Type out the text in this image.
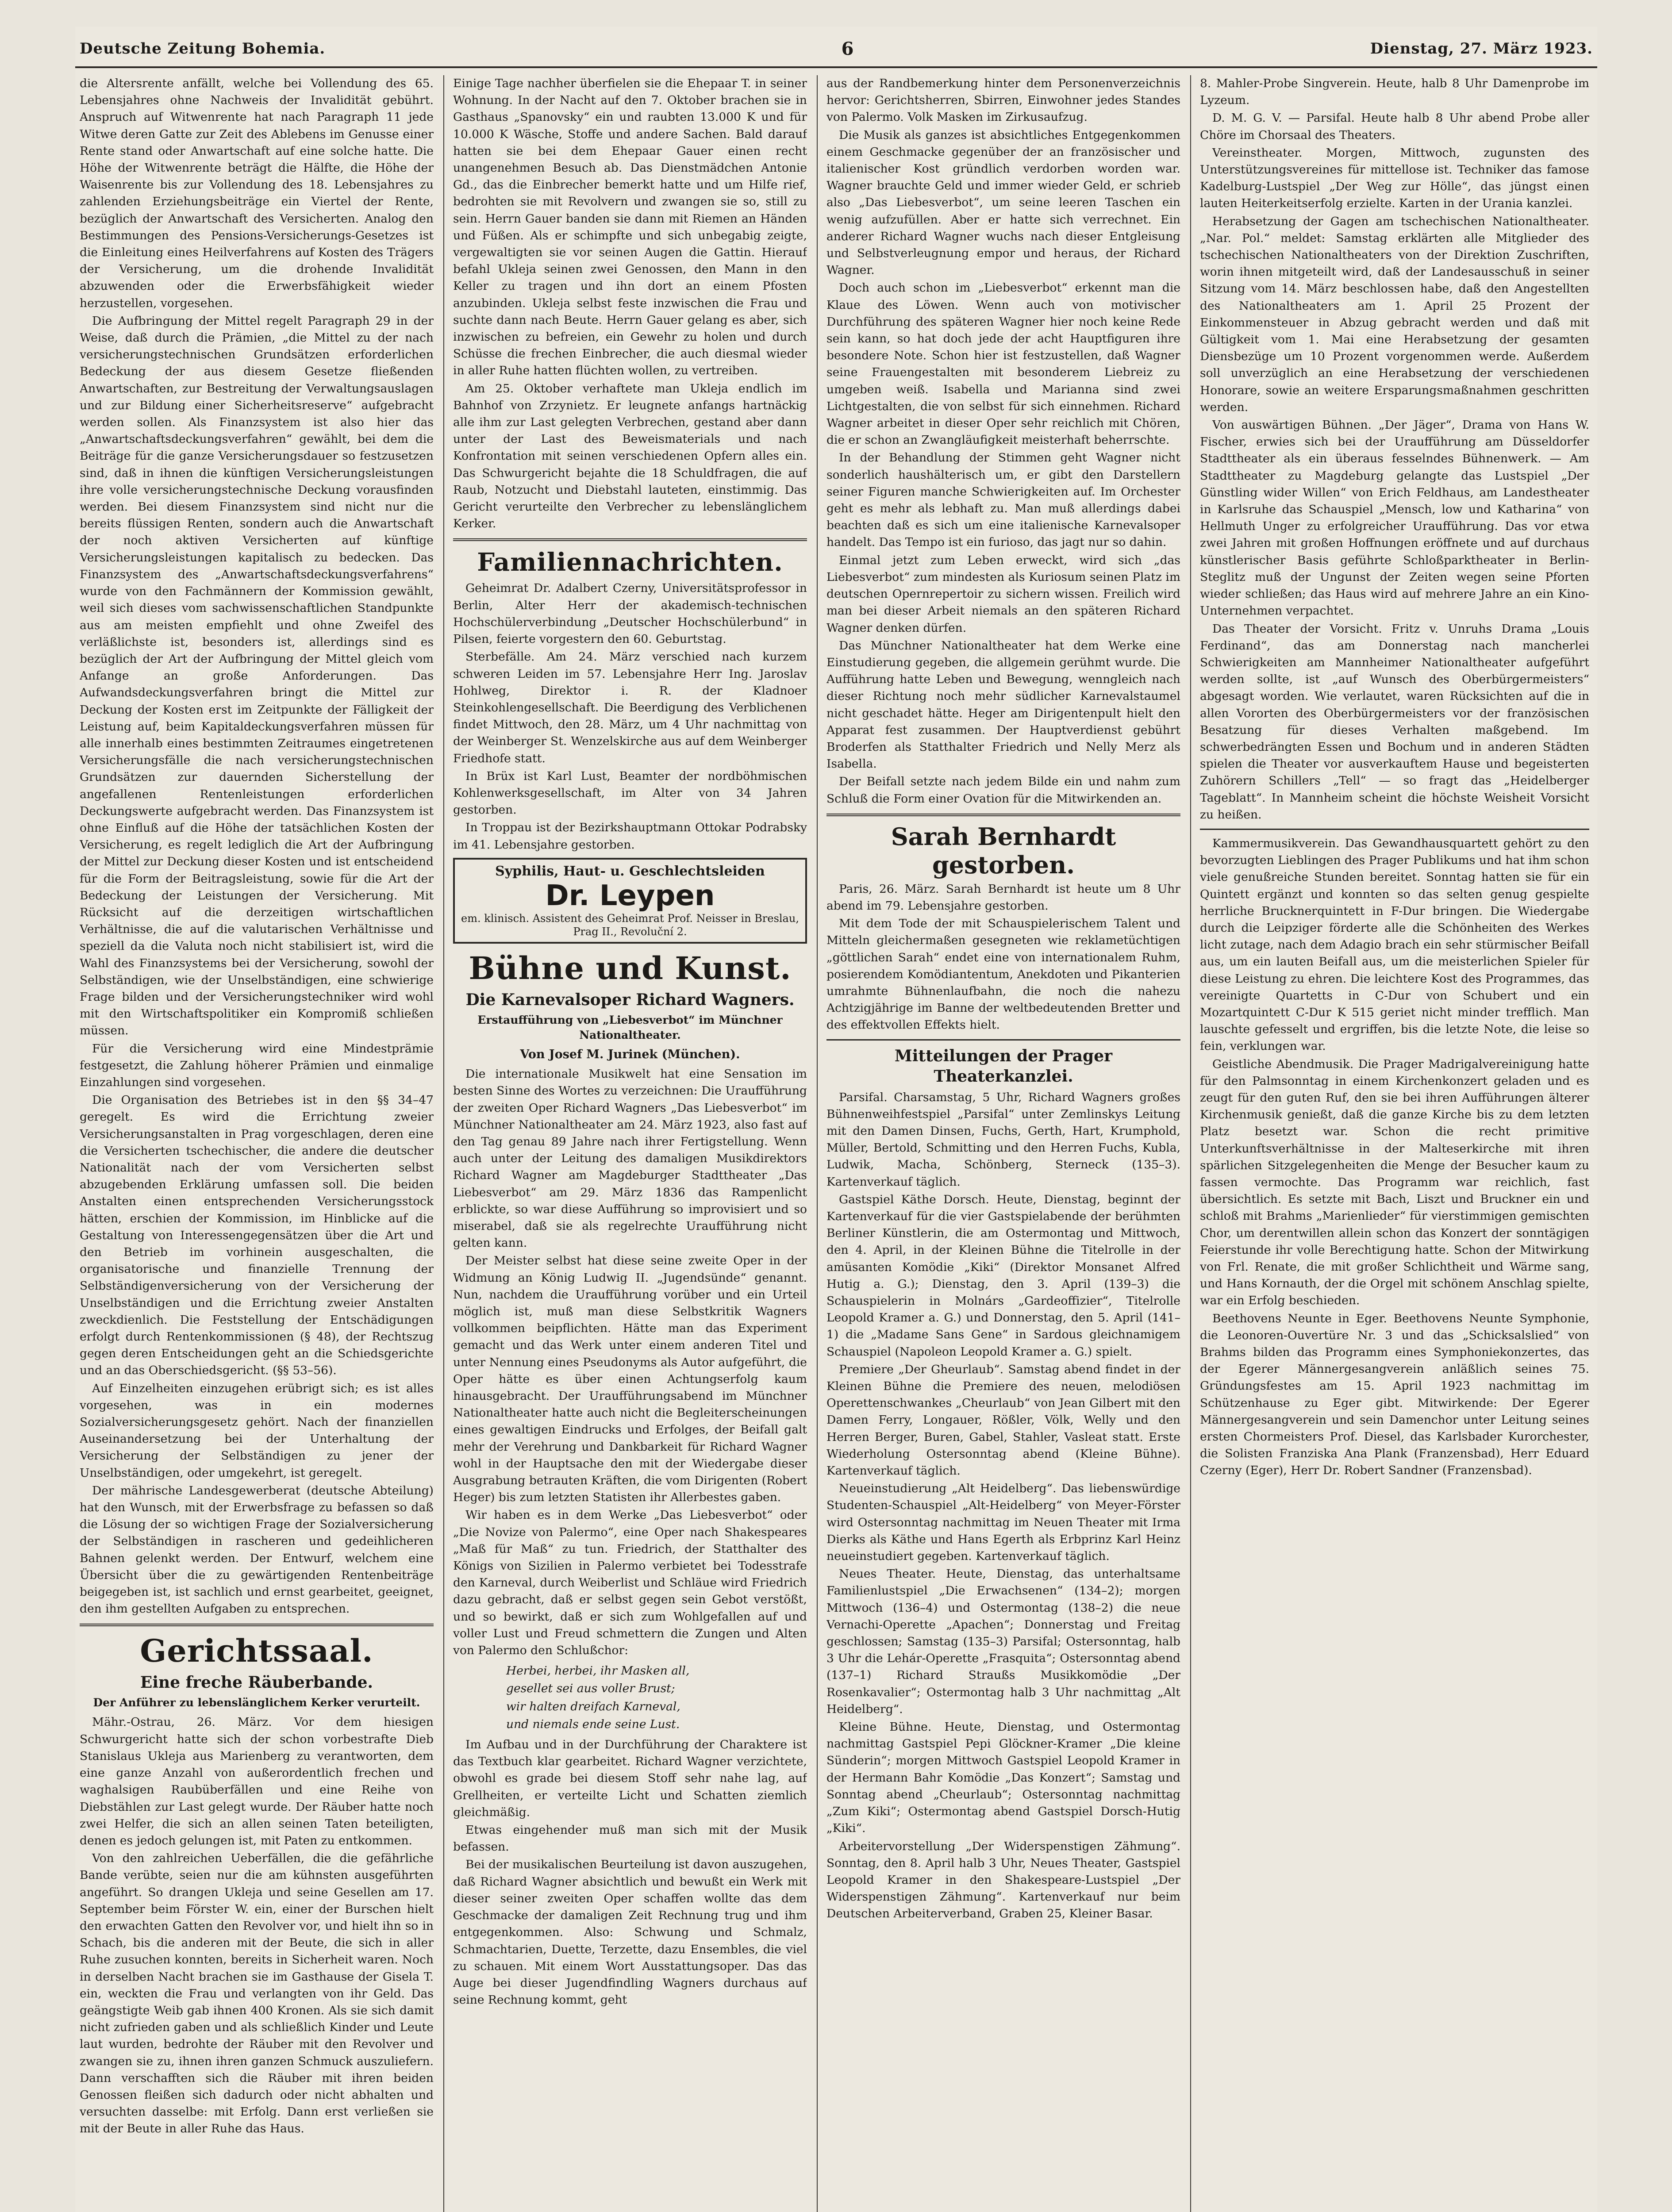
Deutsche Zeitung Bohemia.	6	Dienstag, 27. März 1923.

die Altersrente anfällt, welche bei Vollendung des 65. Lebensjahres ohne Nachweis der Invalidität gebührt. Anspruch auf Witwenrente hat nach Paragraph 11 jede Witwe deren Gatte zur Zeit des Ablebens im Genusse einer Rente stand oder Anwartschaft auf eine solche hatte. Die Höhe der Witwenrente beträgt die Hälfte, die Höhe der Waisenrente bis zur Vollendung des 18. Lebensjahres zu zahlenden Erziehungsbeiträge ein Viertel der Rente, bezüglich der Anwartschaft des Versicherten. Analog den Bestimmungen des Pensions-Versicherungs-Gesetzes ist die Einleitung eines Heilverfahrens auf Kosten des Trägers der Versicherung, um die drohende Invalidität abzuwenden oder die Erwerbsfähigkeit wieder herzustellen, vorgesehen.

Die Aufbringung der Mittel regelt Paragraph 29 in der Weise, daß durch die Prämien, „die Mittel zu der nach versicherungstechnischen Grundsätzen erforderlichen Bedeckung der aus diesem Gesetze fließenden Anwartschaften, zur Bestreitung der Verwaltungsauslagen und zur Bildung einer Sicherheitsreserve“ aufgebracht werden sollen. Als Finanzsystem ist also hier das „Anwartschaftsdeckungsverfahren“ gewählt, bei dem die Beiträge für die ganze Versicherungsdauer so festzusetzen sind, daß in ihnen die künftigen Versicherungsleistungen ihre volle versicherungstechnische Deckung vorausfinden werden. Bei diesem Finanzsystem sind nicht nur die bereits flüssigen Renten, sondern auch die Anwartschaft der noch aktiven Versicherten auf künftige Versicherungsleistungen kapitalisch zu bedecken. Das Finanzsystem des „Anwartschaftsdeckungsverfahrens“ wurde von den Fachmännern der Kommission gewählt, weil sich dieses vom sachwissenschaftlichen Standpunkte aus am meisten empfiehlt und ohne Zweifel des verläßlichste ist, besonders ist, allerdings sind es bezüglich der Art der Aufbringung der Mittel gleich vom Anfange an große Anforderungen. Das Aufwandsdeckungsverfahren bringt die Mittel zur Deckung der Kosten erst im Zeitpunkte der Fälligkeit der Leistung auf, beim Kapitaldeckungsverfahren müssen für alle innerhalb eines bestimmten Zeitraumes eingetretenen Versicherungsfälle die nach versicherungstechnischen Grundsätzen zur dauernden Sicherstellung der angefallenen Rentenleistungen erforderlichen Deckungswerte aufgebracht werden. Das Finanzsystem ist ohne Einfluß auf die Höhe der tatsächlichen Kosten der Versicherung, es regelt lediglich die Art der Aufbringung der Mittel zur Deckung dieser Kosten und ist entscheidend für die Form der Beitragsleistung, sowie für die Art der Bedeckung der Leistungen der Versicherung. Mit Rücksicht auf die derzeitigen wirtschaftlichen Verhältnisse, die auf die valutarischen Verhältnisse und speziell da die Valuta noch nicht stabilisiert ist, wird die Wahl des Finanzsystems bei der Versicherung, sowohl der Selbständigen, wie der Unselbständigen, eine schwierige Frage bilden und der Versicherungstechniker wird wohl mit den Wirtschaftspolitiker ein Kompromiß schließen müssen.

Für die Versicherung wird eine Mindestprämie festgesetzt, die Zahlung höherer Prämien und einmalige Einzahlungen sind vorgesehen.

Die Organisation des Betriebes ist in den §§ 34–47 geregelt. Es wird die Errichtung zweier Versicherungsanstalten in Prag vorgeschlagen, deren eine die Versicherten tschechischer, die andere die deutscher Nationalität nach der vom Versicherten selbst abzugebenden Erklärung umfassen soll. Die beiden Anstalten einen entsprechenden Versicherungsstock hätten, erschien der Kommission, im Hinblicke auf die Gestaltung von Interessengegensätzen über die Art und den Betrieb im vorhinein ausgeschalten, die organisatorische und finanzielle Trennung der Selbständigenversicherung von der Versicherung der Unselbständigen und die Errichtung zweier Anstalten zweckdienlich. Die Feststellung der Entschädigungen erfolgt durch Rentenkommissionen (§ 48), der Rechtszug gegen deren Entscheidungen geht an die Schiedsgerichte und an das Oberschiedsgericht. (§§ 53–56).

Auf Einzelheiten einzugehen erübrigt sich; es ist alles vorgesehen, was in ein modernes Sozialversicherungsgesetz gehört. Nach der finanziellen Auseinandersetzung bei der Unterhaltung der Versicherung der Selbständigen zu jener der Unselbständigen, oder umgekehrt, ist geregelt.

Der mährische Landesgewerberat (deutsche Abteilung) hat den Wunsch, mit der Erwerbsfrage zu befassen so daß die Lösung der so wichtigen Frage der Sozialversicherung der Selbständigen in rascheren und gedeihlicheren Bahnen gelenkt werden. Der Entwurf, welchem eine Übersicht über die zu gewärtigenden Rentenbeiträge beigegeben ist, ist sachlich und ernst gearbeitet, geeignet, den ihm gestellten Aufgaben zu entsprechen.

Gerichtssaal.
Eine freche Räuberbande.
Der Anführer zu lebenslänglichem Kerker verurteilt.

Mähr.-Ostrau, 26. März. Vor dem hiesigen Schwurgericht hatte sich der schon vorbestrafte Dieb Stanislaus Ukleja aus Marienberg zu verantworten, dem eine ganze Anzahl von außerordentlich frechen und waghalsigen Raubüberfällen und eine Reihe von Diebstählen zur Last gelegt wurde. Der Räuber hatte noch zwei Helfer, die sich an allen seinen Taten beteiligten, denen es jedoch gelungen ist, mit Paten zu entkommen.

Von den zahlreichen Ueberfällen, die die gefährliche Bande verübte, seien nur die am kühnsten ausgeführten angeführt. So drangen Ukleja und seine Gesellen am 17. September beim Förster W. ein, einer der Burschen hielt den erwachten Gatten den Revolver vor, und hielt ihn so in Schach, bis die anderen mit der Beute, die sich in aller Ruhe zusuchen konnten, bereits in Sicherheit waren. Noch in derselben Nacht brachen sie im Gasthause der Gisela T. ein, weckten die Frau und verlangten von ihr Geld. Das geängstigte Weib gab ihnen 400 Kronen. Als sie sich damit nicht zufrieden gaben und als schließlich Kinder und Leute laut wurden, bedrohte der Räuber mit den Revolver und zwangen sie zu, ihnen ihren ganzen Schmuck auszuliefern. Dann verschafften sich die Räuber mit ihren beiden Genossen fleißen sich dadurch oder nicht abhalten und versuchten dasselbe: mit Erfolg. Dann erst verließen sie mit der Beute in aller Ruhe das Haus.

Einige Tage nachher überfielen sie die Ehepaar T. in seiner Wohnung. In der Nacht auf den 7. Oktober brachen sie in Gasthaus „Spanovsky“ ein und raubten 13.000 K und für 10.000 K Wäsche, Stoffe und andere Sachen. Bald darauf hatten sie bei dem Ehepaar Gauer einen recht unangenehmen Besuch ab. Das Dienstmädchen Antonie Gd., das die Einbrecher bemerkt hatte und um Hilfe rief, bedrohten sie mit Revolvern und zwangen sie so, still zu sein. Herrn Gauer banden sie dann mit Riemen an Händen und Füßen. Als er schimpfte und sich unbegabig zeigte, vergewaltigten sie vor seinen Augen die Gattin. Hierauf befahl Ukleja seinen zwei Genossen, den Mann in den Keller zu tragen und ihn dort an einem Pfosten anzubinden. Ukleja selbst feste inzwischen die Frau und suchte dann nach Beute. Herrn Gauer gelang es aber, sich inzwischen zu befreien, ein Gewehr zu holen und durch Schüsse die frechen Einbrecher, die auch diesmal wieder in aller Ruhe hatten flüchten wollen, zu vertreiben.

Am 25. Oktober verhaftete man Ukleja endlich im Bahnhof von Zrzynietz. Er leugnete anfangs hartnäckig alle ihm zur Last gelegten Verbrechen, gestand aber dann unter der Last des Beweismaterials und nach Konfrontation mit seinen verschiedenen Opfern alles ein. Das Schwurgericht bejahte die 18 Schuldfragen, die auf Raub, Notzucht und Diebstahl lauteten, einstimmig. Das Gericht verurteilte den Verbrecher zu lebenslänglichem Kerker.

Familiennachrichten.

Geheimrat Dr. Adalbert Czerny, Universitätsprofessor in Berlin, Alter Herr der akademisch-technischen Hochschülerverbindung „Deutscher Hochschülerbund“ in Pilsen, feierte vorgestern den 60. Geburtstag.

Sterbefälle. Am 24. März verschied nach kurzem schweren Leiden im 57. Lebensjahre Herr Ing. Jaroslav Hohlweg, Direktor i. R. der Kladnoer Steinkohlengesellschaft. Die Beerdigung des Verblichenen findet Mittwoch, den 28. März, um 4 Uhr nachmittag von der Weinberger St. Wenzelskirche aus auf dem Weinberger Friedhofe statt.

In Brüx ist Karl Lust, Beamter der nordböhmischen Kohlenwerksgesellschaft, im Alter von 34 Jahren gestorben.

In Troppau ist der Bezirkshauptmann Ottokar Podrabsky im 41. Lebensjahre gestorben.

Syphilis, Haut- u. Geschlechtsleiden
Dr. Leypen
em. klinisch. Assistent des Geheimrat Prof. Neisser in Breslau, Prag II., Revoluční 2.
Bühne und Kunst.
Die Karnevalsoper Richard Wagners.
Erstaufführung von „Liebesverbot“ im Münchner Nationaltheater.
Von Josef M. Jurinek (München).

Die internationale Musikwelt hat eine Sensation im besten Sinne des Wortes zu verzeichnen: Die Uraufführung der zweiten Oper Richard Wagners „Das Liebesverbot“ im Münchner Nationaltheater am 24. März 1923, also fast auf den Tag genau 89 Jahre nach ihrer Fertigstellung. Wenn auch unter der Leitung des damaligen Musikdirektors Richard Wagner am Magdeburger Stadttheater „Das Liebesverbot“ am 29. März 1836 das Rampenlicht erblickte, so war diese Aufführung so improvisiert und so miserabel, daß sie als regelrechte Uraufführung nicht gelten kann.

Der Meister selbst hat diese seine zweite Oper in der Widmung an König Ludwig II. „Jugendsünde“ genannt. Nun, nachdem die Uraufführung vorüber und ein Urteil möglich ist, muß man diese Selbstkritik Wagners vollkommen beipflichten. Hätte man das Experiment gemacht und das Werk unter einem anderen Titel und unter Nennung eines Pseudonyms als Autor aufgeführt, die Oper hätte es über einen Achtungserfolg kaum hinausgebracht. Der Uraufführungsabend im Münchner Nationaltheater hatte auch nicht die Begleiterscheinungen eines gewaltigen Eindrucks und Erfolges, der Beifall galt mehr der Verehrung und Dankbarkeit für Richard Wagner wohl in der Hauptsache den mit der Wiedergabe dieser Ausgrabung betrauten Kräften, die vom Dirigenten (Robert Heger) bis zum letzten Statisten ihr Allerbestes gaben.

Wir haben es in dem Werke „Das Liebesverbot“ oder „Die Novize von Palermo“, eine Oper nach Shakespeares „Maß für Maß“ zu tun. Friedrich, der Statthalter des Königs von Sizilien in Palermo verbietet bei Todesstrafe den Karneval, durch Weiberlist und Schläue wird Friedrich dazu gebracht, daß er selbst gegen sein Gebot verstößt, und so bewirkt, daß er sich zum Wohlgefallen auf und voller Lust und Freud schmettern die Zungen und Alten von Palermo den Schlußchor:

Herbei, herbei, ihr Masken all,

gesellet sei aus voller Brust;

wir halten dreifach Karneval,

und niemals ende seine Lust.

Im Aufbau und in der Durchführung der Charaktere ist das Textbuch klar gearbeitet. Richard Wagner verzichtete, obwohl es grade bei diesem Stoff sehr nahe lag, auf Grellheiten, er verteilte Licht und Schatten ziemlich gleichmäßig.

Etwas eingehender muß man sich mit der Musik befassen.

Bei der musikalischen Beurteilung ist davon auszugehen, daß Richard Wagner absichtlich und bewußt ein Werk mit dieser seiner zweiten Oper schaffen wollte das dem Geschmacke der damaligen Zeit Rechnung trug und ihm entgegenkommen. Also: Schwung und Schmalz, Schmachtarien, Duette, Terzette, dazu Ensembles, die viel zu schauen. Mit einem Wort Ausstattungsoper. Das das Auge bei dieser Jugendfindling Wagners durchaus auf seine Rechnung kommt, geht

aus der Randbemerkung hinter dem Personenverzeichnis hervor: Gerichtsherren, Sbirren, Einwohner jedes Standes von Palermo. Volk Masken im Zirkusaufzug.

Die Musik als ganzes ist absichtliches Entgegenkommen einem Geschmacke gegenüber der an französischer und italienischer Kost gründlich verdorben worden war. Wagner brauchte Geld und immer wieder Geld, er schrieb also „Das Liebesverbot“, um seine leeren Taschen ein wenig aufzufüllen. Aber er hatte sich verrechnet. Ein anderer Richard Wagner wuchs nach dieser Entgleisung und Selbstverleugnung empor und heraus, der Richard Wagner.

Doch auch schon im „Liebesverbot“ erkennt man die Klaue des Löwen. Wenn auch von motivischer Durchführung des späteren Wagner hier noch keine Rede sein kann, so hat doch jede der acht Hauptfiguren ihre besondere Note. Schon hier ist festzustellen, daß Wagner seine Frauengestalten mit besonderem Liebreiz zu umgeben weiß. Isabella und Marianna sind zwei Lichtgestalten, die von selbst für sich einnehmen. Richard Wagner arbeitet in dieser Oper sehr reichlich mit Chören, die er schon an Zwangläufigkeit meisterhaft beherrschte.

In der Behandlung der Stimmen geht Wagner nicht sonderlich haushälterisch um, er gibt den Darstellern seiner Figuren manche Schwierigkeiten auf. Im Orchester geht es mehr als lebhaft zu. Man muß allerdings dabei beachten daß es sich um eine italienische Karnevalsoper handelt. Das Tempo ist ein furioso, das jagt nur so dahin.

Einmal jetzt zum Leben erweckt, wird sich „das Liebesverbot“ zum mindesten als Kuriosum seinen Platz im deutschen Opernrepertoir zu sichern wissen. Freilich wird man bei dieser Arbeit niemals an den späteren Richard Wagner denken dürfen.

Das Münchner Nationaltheater hat dem Werke eine Einstudierung gegeben, die allgemein gerühmt wurde. Die Aufführung hatte Leben und Bewegung, wenngleich nach dieser Richtung noch mehr südlicher Karnevalstaumel nicht geschadet hätte. Heger am Dirigentenpult hielt den Apparat fest zusammen. Der Hauptverdienst gebührt Broderfen als Statthalter Friedrich und Nelly Merz als Isabella.

Der Beifall setzte nach jedem Bilde ein und nahm zum Schluß die Form einer Ovation für die Mitwirkenden an.

Sarah Bernhardt gestorben.

Paris, 26. März. Sarah Bernhardt ist heute um 8 Uhr abend im 79. Lebensjahre gestorben.

Mit dem Tode der mit Schauspielerischem Talent und Mitteln gleichermaßen gesegneten wie reklametüchtigen „göttlichen Sarah“ endet eine von internationalem Ruhm, posierendem Komödiantentum, Anekdoten und Pikanterien umrahmte Bühnenlaufbahn, die noch die nahezu Achtzigjährige im Banne der weltbedeutenden Bretter und des effektvollen Effekts hielt.

Mitteilungen der Prager Theaterkanzlei.

Parsifal. Charsamstag, 5 Uhr, Richard Wagners großes Bühnenweihfestspiel „Parsifal“ unter Zemlinskys Leitung mit den Damen Dinsen, Fuchs, Gerth, Hart, Krumphold, Müller, Bertold, Schmitting und den Herren Fuchs, Kubla, Ludwik, Macha, Schönberg, Sterneck (135–3). Kartenverkauf täglich.

Gastspiel Käthe Dorsch. Heute, Dienstag, beginnt der Kartenverkauf für die vier Gastspielabende der berühmten Berliner Künstlerin, die am Ostermontag und Mittwoch, den 4. April, in der Kleinen Bühne die Titelrolle in der amüsanten Komödie „Kiki“ (Direktor Monsanet Alfred Hutig a. G.); Dienstag, den 3. April (139–3) die Schauspielerin in Molnárs „Gardeoffizier“, Titelrolle Leopold Kramer a. G.) und Donnerstag, den 5. April (141–1) die „Madame Sans Gene“ in Sardous gleichnamigem Schauspiel (Napoleon Leopold Kramer a. G.) spielt.

Premiere „Der Gheurlaub“. Samstag abend findet in der Kleinen Bühne die Premiere des neuen, melodiösen Operettenschwankes „Cheurlaub“ von Jean Gilbert mit den Damen Ferry, Longauer, Rößler, Völk, Welly und den Herren Berger, Buren, Gabel, Stahler, Vasleat statt. Erste Wiederholung Ostersonntag abend (Kleine Bühne). Kartenverkauf täglich.

Neueinstudierung „Alt Heidelberg“. Das liebenswürdige Studenten-Schauspiel „Alt-Heidelberg“ von Meyer-Förster wird Ostersonntag nachmittag im Neuen Theater mit Irma Dierks als Käthe und Hans Egerth als Erbprinz Karl Heinz neueinstudiert gegeben. Kartenverkauf täglich.

Neues Theater. Heute, Dienstag, das unterhaltsame Familienlustspiel „Die Erwachsenen“ (134–2); morgen Mittwoch (136–4) und Ostermontag (138–2) die neue Vernachi-Operette „Apachen“; Donnerstag und Freitag geschlossen; Samstag (135–3) Parsifal; Ostersonntag, halb 3 Uhr die Lehár-Operette „Frasquita“; Ostersonntag abend (137–1) Richard Straußs Musikkomödie „Der Rosenkavalier“; Ostermontag halb 3 Uhr nachmittag „Alt Heidelberg“.

Kleine Bühne. Heute, Dienstag, und Ostermontag nachmittag Gastspiel Pepi Glöckner-Kramer „Die kleine Sünderin“; morgen Mittwoch Gastspiel Leopold Kramer in der Hermann Bahr Komödie „Das Konzert“; Samstag und Sonntag abend „Cheurlaub“; Ostersonntag nachmittag „Zum Kiki“; Ostermontag abend Gastspiel Dorsch-Hutig „Kiki“.

Arbeitervorstellung „Der Widerspenstigen Zähmung“. Sonntag, den 8. April halb 3 Uhr, Neues Theater, Gastspiel Leopold Kramer in den Shakespeare-Lustspiel „Der Widerspenstigen Zähmung“. Kartenverkauf nur beim Deutschen Arbeiterverband, Graben 25, Kleiner Basar.

8. Mahler-Probe Singverein. Heute, halb 8 Uhr Damenprobe im Lyzeum.

D. M. G. V. — Parsifal. Heute halb 8 Uhr abend Probe aller Chöre im Chorsaal des Theaters.

Vereinstheater. Morgen, Mittwoch, zugunsten des Unterstützungsvereines für mittellose ist. Techniker das famose Kadelburg-Lustspiel „Der Weg zur Hölle“, das jüngst einen lauten Heiterkeitserfolg erzielte. Karten in der Urania kanzlei.

Herabsetzung der Gagen am tschechischen Nationaltheater. „Nar. Pol.“ meldet: Samstag erklärten alle Mitglieder des tschechischen Nationaltheaters von der Direktion Zuschriften, worin ihnen mitgeteilt wird, daß der Landesausschuß in seiner Sitzung vom 14. März beschlossen habe, daß den Angestellten des Nationaltheaters am 1. April 25 Prozent der Einkommensteuer in Abzug gebracht werden und daß mit Gültigkeit vom 1. Mai eine Herabsetzung der gesamten Diensbezüge um 10 Prozent vorgenommen werde. Außerdem soll unverzüglich an eine Herabsetzung der verschiedenen Honorare, sowie an weitere Ersparungsmaßnahmen geschritten werden.

Von auswärtigen Bühnen. „Der Jäger“, Drama von Hans W. Fischer, erwies sich bei der Uraufführung am Düsseldorfer Stadttheater als ein überaus fesselndes Bühnenwerk. — Am Stadttheater zu Magdeburg gelangte das Lustspiel „Der Günstling wider Willen“ von Erich Feldhaus, am Landestheater in Karlsruhe das Schauspiel „Mensch, low und Katharina“ von Hellmuth Unger zu erfolgreicher Uraufführung. Das vor etwa zwei Jahren mit großen Hoffnungen eröffnete und auf durchaus künstlerischer Basis geführte Schloßparktheater in Berlin-Steglitz muß der Ungunst der Zeiten wegen seine Pforten wieder schließen; das Haus wird auf mehrere Jahre an ein Kino-Unternehmen verpachtet.

Das Theater der Vorsicht. Fritz v. Unruhs Drama „Louis Ferdinand“, das am Donnerstag nach mancherlei Schwierigkeiten am Mannheimer Nationaltheater aufgeführt werden sollte, ist „auf Wunsch des Oberbürgermeisters“ abgesagt worden. Wie verlautet, waren Rücksichten auf die in allen Vororten des Oberbürgermeisters vor der französischen Besatzung für dieses Verhalten maßgebend. Im schwerbedrängten Essen und Bochum und in anderen Städten spielen die Theater vor ausverkauftem Hause und begeisterten Zuhörern Schillers „Tell“ — so fragt das „Heidelberger Tageblatt“. In Mannheim scheint die höchste Weisheit Vorsicht zu heißen.

Kammermusikverein. Das Gewandhausquartett gehört zu den bevorzugten Lieblingen des Prager Publikums und hat ihm schon viele genußreiche Stunden bereitet. Sonntag hatten sie für ein Quintett ergänzt und konnten so das selten genug gespielte herrliche Brucknerquintett in F-Dur bringen. Die Wiedergabe durch die Leipziger förderte alle die Schönheiten des Werkes licht zutage, nach dem Adagio brach ein sehr stürmischer Beifall aus, um ein lauten Beifall aus, um die meisterlichen Spieler für diese Leistung zu ehren. Die leichtere Kost des Programmes, das vereinigte Quartetts in C-Dur von Schubert und ein Mozartquintett C-Dur K 515 geriet nicht minder trefflich. Man lauschte gefesselt und ergriffen, bis die letzte Note, die leise so fein, verklungen war.

Geistliche Abendmusik. Die Prager Madrigalvereinigung hatte für den Palmsonntag in einem Kirchenkonzert geladen und es zeugt für den guten Ruf, den sie bei ihren Aufführungen älterer Kirchenmusik genießt, daß die ganze Kirche bis zu dem letzten Platz besetzt war. Schon die recht primitive Unterkunftsverhältnisse in der Malteserkirche mit ihren spärlichen Sitzgelegenheiten die Menge der Besucher kaum zu fassen vermochte. Das Programm war reichlich, fast übersichtlich. Es setzte mit Bach, Liszt und Bruckner ein und schloß mit Brahms „Marienlieder“ für vierstimmigen gemischten Chor, um derentwillen allein schon das Konzert der sonntägigen Feierstunde ihr volle Berechtigung hatte. Schon der Mitwirkung von Frl. Renate, die mit großer Schlichtheit und Wärme sang, und Hans Kornauth, der die Orgel mit schönem Anschlag spielte, war ein Erfolg beschieden.

Beethovens Neunte in Eger. Beethovens Neunte Symphonie, die Leonoren-Ouvertüre Nr. 3 und das „Schicksalslied“ von Brahms bilden das Programm eines Symphoniekonzertes, das der Egerer Männergesangverein anläßlich seines 75. Gründungsfestes am 15. April 1923 nachmittag im Schützenhause zu Eger gibt. Mitwirkende: Der Egerer Männergesangverein und sein Damenchor unter Leitung seines ersten Chormeisters Prof. Diesel, das Karlsbader Kurorchester, die Solisten Franziska Ana Plank (Franzensbad), Herr Eduard Czerny (Eger), Herr Dr. Robert Sandner (Franzensbad).
